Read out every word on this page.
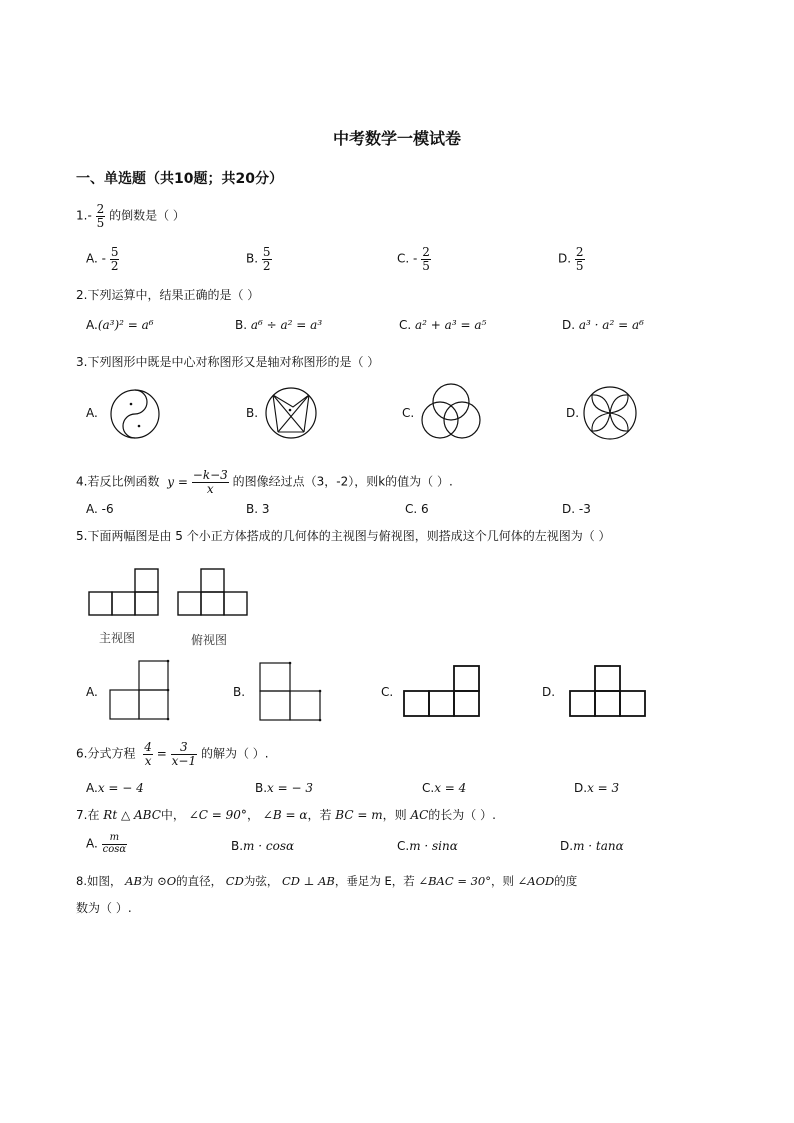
中考数学一模试卷
一、单选题（共10题；共20分）
$1.- \frac{2}{5}$ 的倒数是（ ）
A. - $\frac{5}{2}$	B. $\frac{5}{2}$	C. - $\frac{2}{5}$	D. $\frac{2}{5}$
2.下列运算中，结果正确的是（ ）
A.(a³)² = a⁶	B. a⁶ ÷ a² = a³	C. a² + a³ = a⁵	D. a³ · a² = a⁶
3.下列图形中既是中心对称图形又是轴对称图形的是（ ）
A.	B.	C.	D.
4.若反比例函数 $y = \frac{-k-3}{x}$ 的图像经过点（3，-2），则k的值为（ ）.
A. -6	B. 3	C. 6	D. -3
5.下面两幅图是由 5 个小正方体搭成的几何体的主视图与俯视图，则搭成这个几何体的左视图为（ ）
主视图	俯视图
A.	B.	C.	D.
6.分式方程 $\frac{4}{x} = \frac{3}{x-1}$ 的解为（ ）.
A.x = − 4	B.x = − 3	C.x = 4	D.x = 3
7.在 Rt △ ABC中， ∠C = 90°， ∠B = α，若 BC = m，则 AC的长为（ ）.
A. $\frac{m}{\cos\alpha}$	B.m · cosα	C.m · sinα	D.m · tanα
8.如图， AB为 ⊙O的直径， CD为弦， CD ⊥ AB，垂足为 E，若 ∠BAC = 30°，则 ∠AOD的度
数为（ ）.
